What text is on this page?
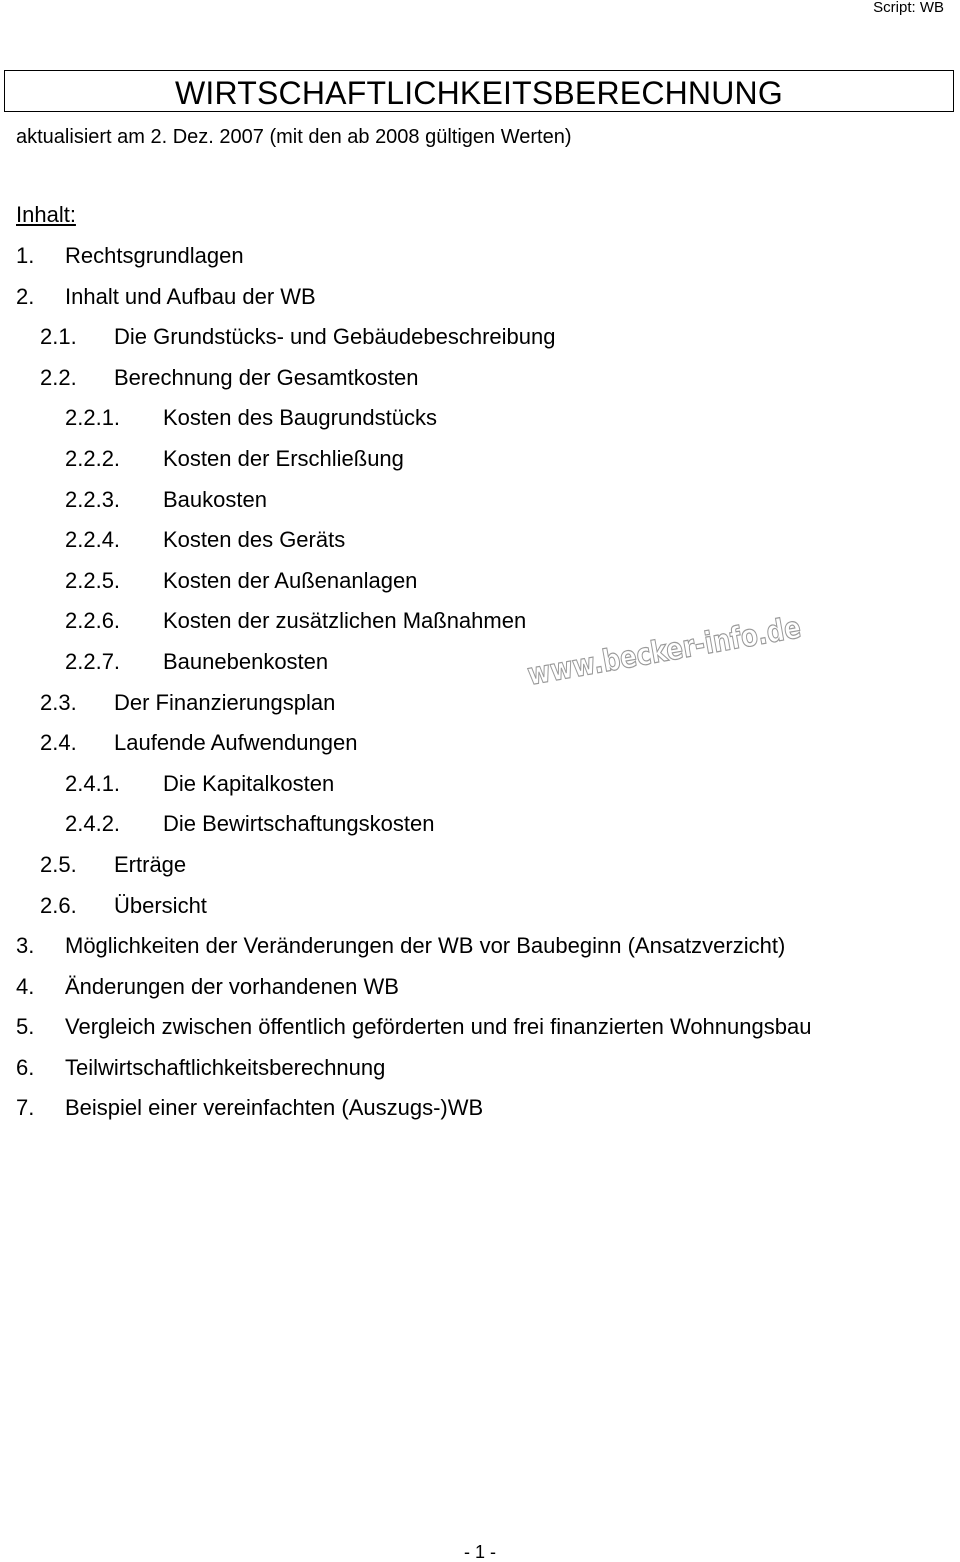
Script: WB
WIRTSCHAFTLICHKEITSBERECHNUNG
aktualisiert am 2. Dez. 2007 (mit den ab 2008 gültigen Werten)
Inhalt:
1. Rechtsgrundlagen
2. Inhalt und Aufbau der WB
2.1. Die Grundstücks- und Gebäudebeschreibung
2.2. Berechnung der Gesamtkosten
2.2.1. Kosten des Baugrundstücks
2.2.2. Kosten der Erschließung
2.2.3. Baukosten
2.2.4. Kosten des Geräts
2.2.5. Kosten der Außenanlagen
2.2.6. Kosten der zusätzlichen Maßnahmen
2.2.7. Baunebenkosten
2.3. Der Finanzierungsplan
2.4. Laufende Aufwendungen
2.4.1. Die Kapitalkosten
2.4.2. Die Bewirtschaftungskosten
2.5. Erträge
2.6. Übersicht
3. Möglichkeiten der Veränderungen der WB vor Baubeginn (Ansatzverzicht)
4. Änderungen der vorhandenen WB
5. Vergleich zwischen öffentlich geförderten und frei finanzierten Wohnungsbau
6. Teilwirtschaftlichkeitsberechnung
7. Beispiel einer vereinfachten (Auszugs-)WB
www.becker-info.de
- 1 -
